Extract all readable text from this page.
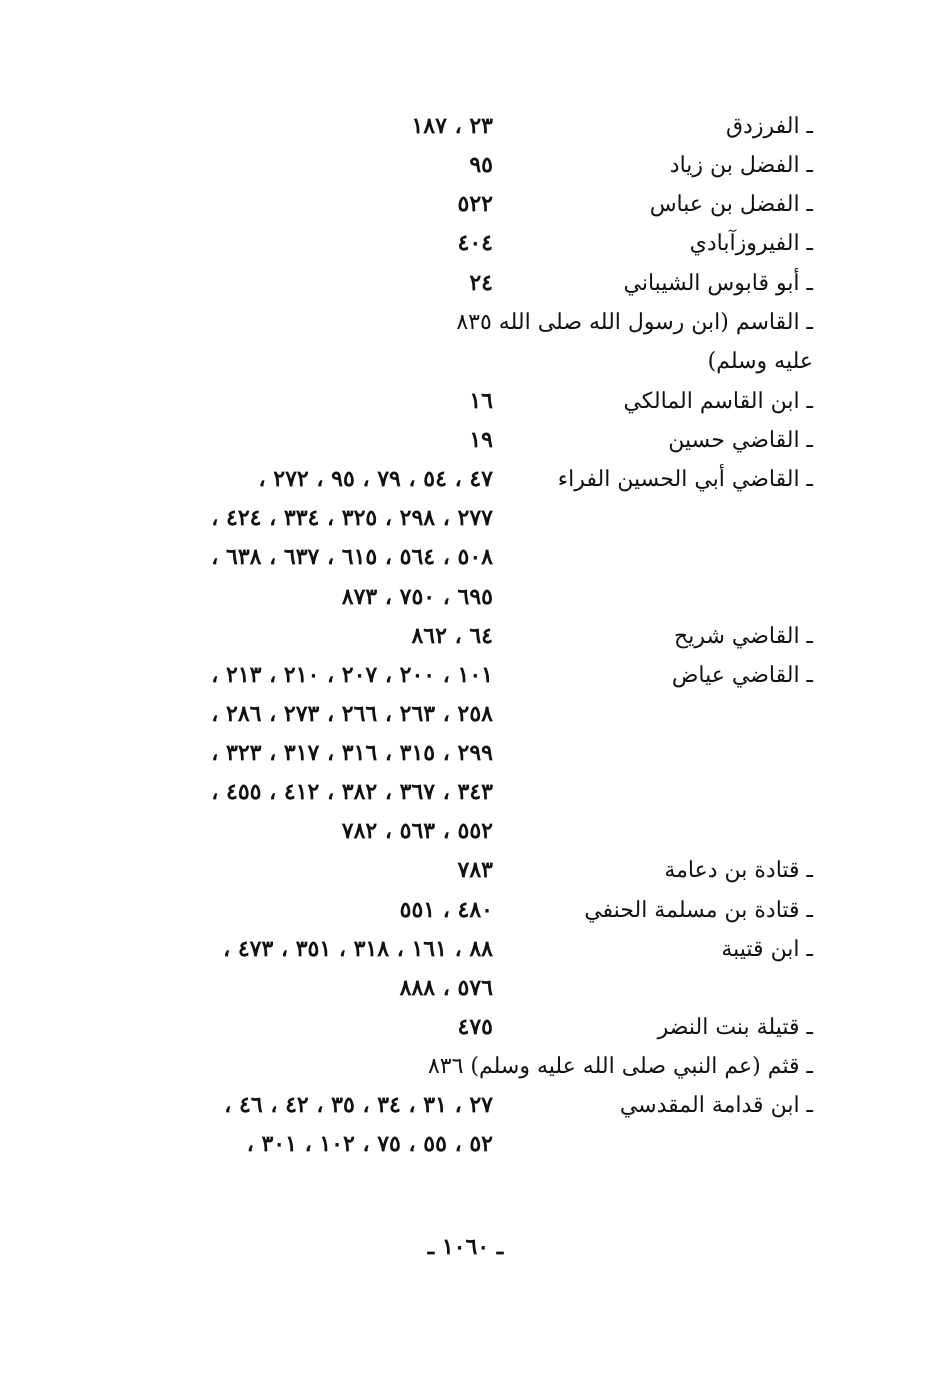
ـ الفرزدق
٢٣ ، ١٨٧
ـ الفضل بن زياد
٩٥
ـ الفضل بن عباس
٥٢٢
ـ الفيروزآبادي
٤٠٤
ـ أبو قابوس الشيباني
٢٤
ـ القاسم (ابن رسول الله صلى الله ٨٣٥
عليه وسلم)
ـ ابن القاسم المالكي
١٦
ـ القاضي حسين
١٩
ـ القاضي أبي الحسين الفراء
٤٧ ، ٥٤ ، ٧٩ ، ٩٥ ، ٢٧٢ ،
٢٧٧ ، ٢٩٨ ، ٣٢٥ ، ٣٣٤ ، ٤٢٤ ،
٥٠٨ ، ٥٦٤ ، ٦١٥ ، ٦٣٧ ، ٦٣٨ ،
٦٩٥ ، ٧٥٠ ، ٨٧٣
ـ القاضي شريح
٦٤ ، ٨٦٢
ـ القاضي عياض
١٠١ ، ٢٠٠ ، ٢٠٧ ، ٢١٠ ، ٢١٣ ،
٢٥٨ ، ٢٦٣ ، ٢٦٦ ، ٢٧٣ ، ٢٨٦ ،
٢٩٩ ، ٣١٥ ، ٣١٦ ، ٣١٧ ، ٣٢٣ ،
٣٤٣ ، ٣٦٧ ، ٣٨٢ ، ٤١٢ ، ٤٥٥ ،
٥٥٢ ، ٥٦٣ ، ٧٨٢
ـ قتادة بن دعامة
٧٨٣
ـ قتادة بن مسلمة الحنفي
٤٨٠ ، ٥٥١
ـ ابن قتيبة
٨٨ ، ١٦١ ، ٣١٨ ، ٣٥١ ، ٤٧٣ ،
٥٧٦ ، ٨٨٨
ـ قتيلة بنت النضر
٤٧٥
ـ قثم (عم النبي صلى الله عليه وسلم) ٨٣٦
ـ ابن قدامة المقدسي
٢٧ ، ٣١ ، ٣٤ ، ٣٥ ، ٤٢ ، ٤٦ ،
٥٢ ، ٥٥ ، ٧٥ ، ١٠٢ ، ٣٠١ ،
ـ ١٠٦٠ ـ
